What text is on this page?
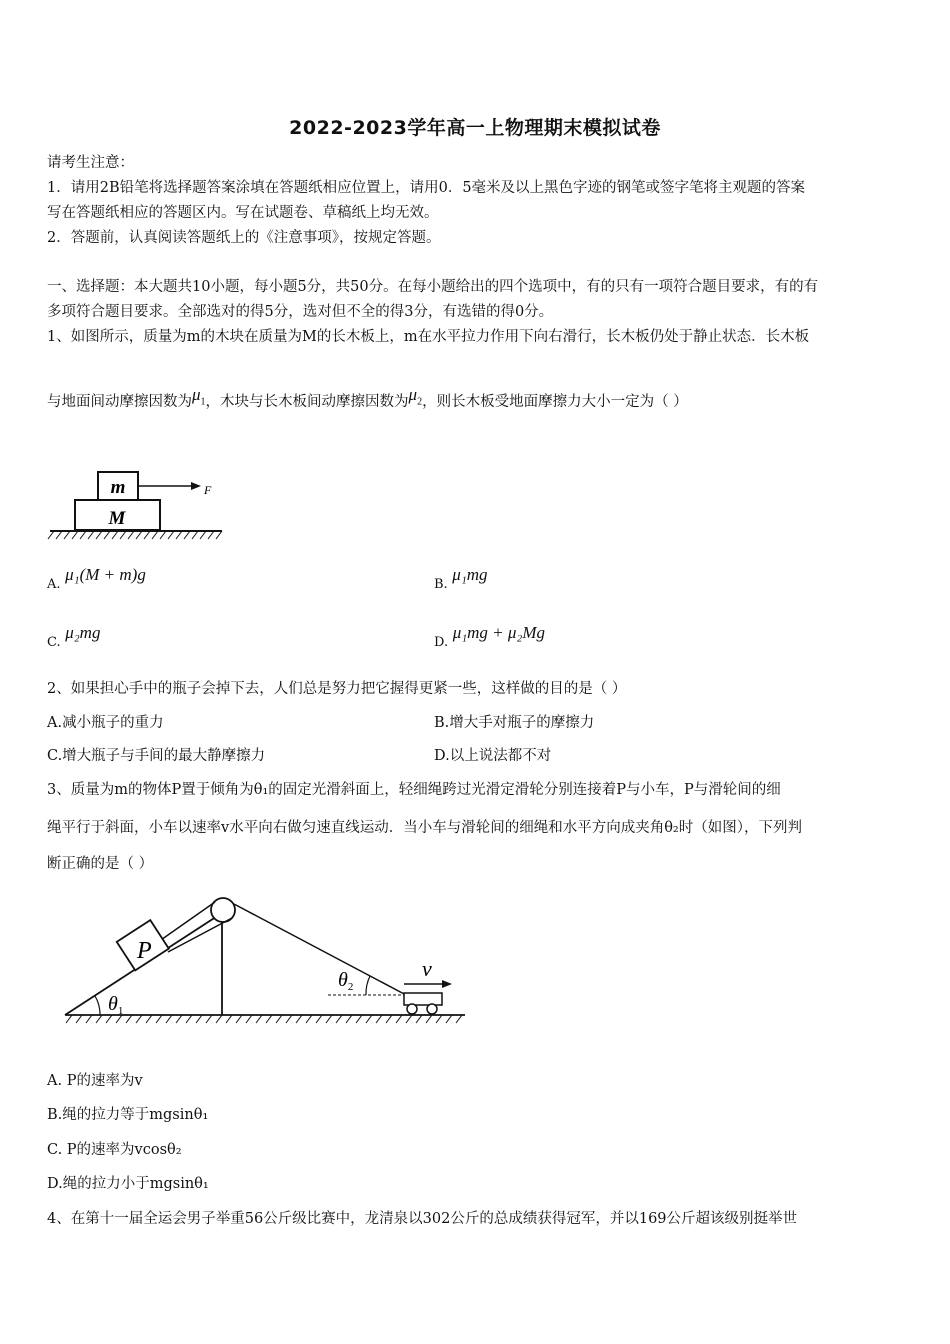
2022-2023学年高一上物理期末模拟试卷
请考生注意：
1．请用2B铅笔将选择题答案涂填在答题纸相应位置上，请用0．5毫米及以上黑色字迹的钢笔或签字笔将主观题的答案
写在答题纸相应的答题区内。写在试题卷、草稿纸上均无效。
2．答题前，认真阅读答题纸上的《注意事项》，按规定答题。
一、选择题：本大题共10小题，每小题5分，共50分。在每小题给出的四个选项中，有的只有一项符合题目要求，有的有
多项符合题目要求。全部选对的得5分，选对但不全的得3分，有选错的得0分。
1、如图所示，质量为m的木块在质量为M的长木板上，m在水平拉力作用下向右滑行，长木板仍处于静止状态．长木板
与地面间动摩擦因数为$\mu_1$，木块与长木板间动摩擦因数为$\mu_2$，则长木板受地面摩擦力大小一定为（ ）
m
M
F
A. μ₁(M + m)g
B. μ₁mg
C. μ₂mg
D. μ₁mg + μ₂Mg
2、如果担心手中的瓶子会掉下去，人们总是努力把它握得更紧一些，这样做的目的是（ ）
A.减小瓶子的重力	B.增大手对瓶子的摩擦力
C.增大瓶子与手间的最大静摩擦力	D.以上说法都不对
3、质量为m的物体P置于倾角为θ₁的固定光滑斜面上，轻细绳跨过光滑定滑轮分别连接着P与小车，P与滑轮间的细
绳平行于斜面，小车以速率v水平向右做匀速直线运动．当小车与滑轮间的细绳和水平方向成夹角θ₂时（如图），下列判
断正确的是（ ）
P
$\theta_1$
$\theta_2$
v
A. P的速率为v
B.绳的拉力等于mgsinθ₁
C. P的速率为vcosθ₂
D.绳的拉力小于mgsinθ₁
4、在第十一届全运会男子举重56公斤级比赛中，龙清泉以302公斤的总成绩获得冠军，并以169公斤超该级别挺举世
